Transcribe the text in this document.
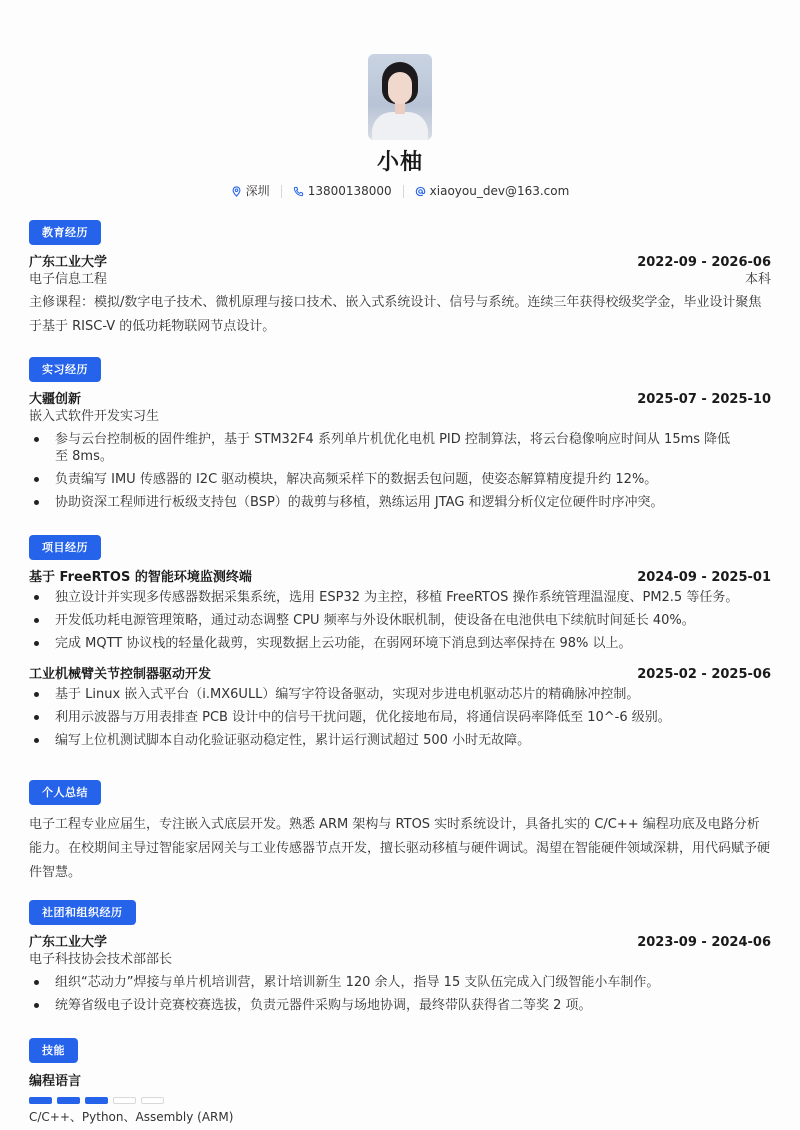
小柚
深圳	13800138000	xiaoyou_dev@163.com
教育经历
广东工业大学	2022-09 - 2026-06
电子信息工程	本科
主修课程：模拟/数字电子技术、微机原理与接口技术、嵌入式系统设计、信号与系统。连续三年获得校级奖学金，毕业设计聚焦于基于 RISC-V 的低功耗物联网节点设计。
实习经历
大疆创新	2025-07 - 2025-10
嵌入式软件开发实习生
参与云台控制板的固件维护，基于 STM32F4 系列单片机优化电机 PID 控制算法，将云台稳像响应时间从 15ms 降低至 8ms。
负责编写 IMU 传感器的 I2C 驱动模块，解决高频采样下的数据丢包问题，使姿态解算精度提升约 12%。
协助资深工程师进行板级支持包（BSP）的裁剪与移植，熟练运用 JTAG 和逻辑分析仪定位硬件时序冲突。
项目经历
基于 FreeRTOS 的智能环境监测终端	2024-09 - 2025-01
独立设计并实现多传感器数据采集系统，选用 ESP32 为主控，移植 FreeRTOS 操作系统管理温湿度、PM2.5 等任务。
开发低功耗电源管理策略，通过动态调整 CPU 频率与外设休眠机制，使设备在电池供电下续航时间延长 40%。
完成 MQTT 协议栈的轻量化裁剪，实现数据上云功能，在弱网环境下消息到达率保持在 98% 以上。
工业机械臂关节控制器驱动开发	2025-02 - 2025-06
基于 Linux 嵌入式平台（i.MX6ULL）编写字符设备驱动，实现对步进电机驱动芯片的精确脉冲控制。
利用示波器与万用表排查 PCB 设计中的信号干扰问题，优化接地布局，将通信误码率降低至 10^-6 级别。
编写上位机测试脚本自动化验证驱动稳定性，累计运行测试超过 500 小时无故障。
个人总结
电子工程专业应届生，专注嵌入式底层开发。熟悉 ARM 架构与 RTOS 实时系统设计，具备扎实的 C/C++ 编程功底及电路分析能力。在校期间主导过智能家居网关与工业传感器节点开发，擅长驱动移植与硬件调试。渴望在智能硬件领域深耕，用代码赋予硬件智慧。
社团和组织经历
广东工业大学	2023-09 - 2024-06
电子科技协会技术部部长
组织“芯动力”焊接与单片机培训营，累计培训新生 120 余人，指导 15 支队伍完成入门级智能小车制作。
统筹省级电子设计竞赛校赛选拔，负责元器件采购与场地协调，最终带队获得省二等奖 2 项。
技能
编程语言
C/C++、Python、Assembly (ARM)
